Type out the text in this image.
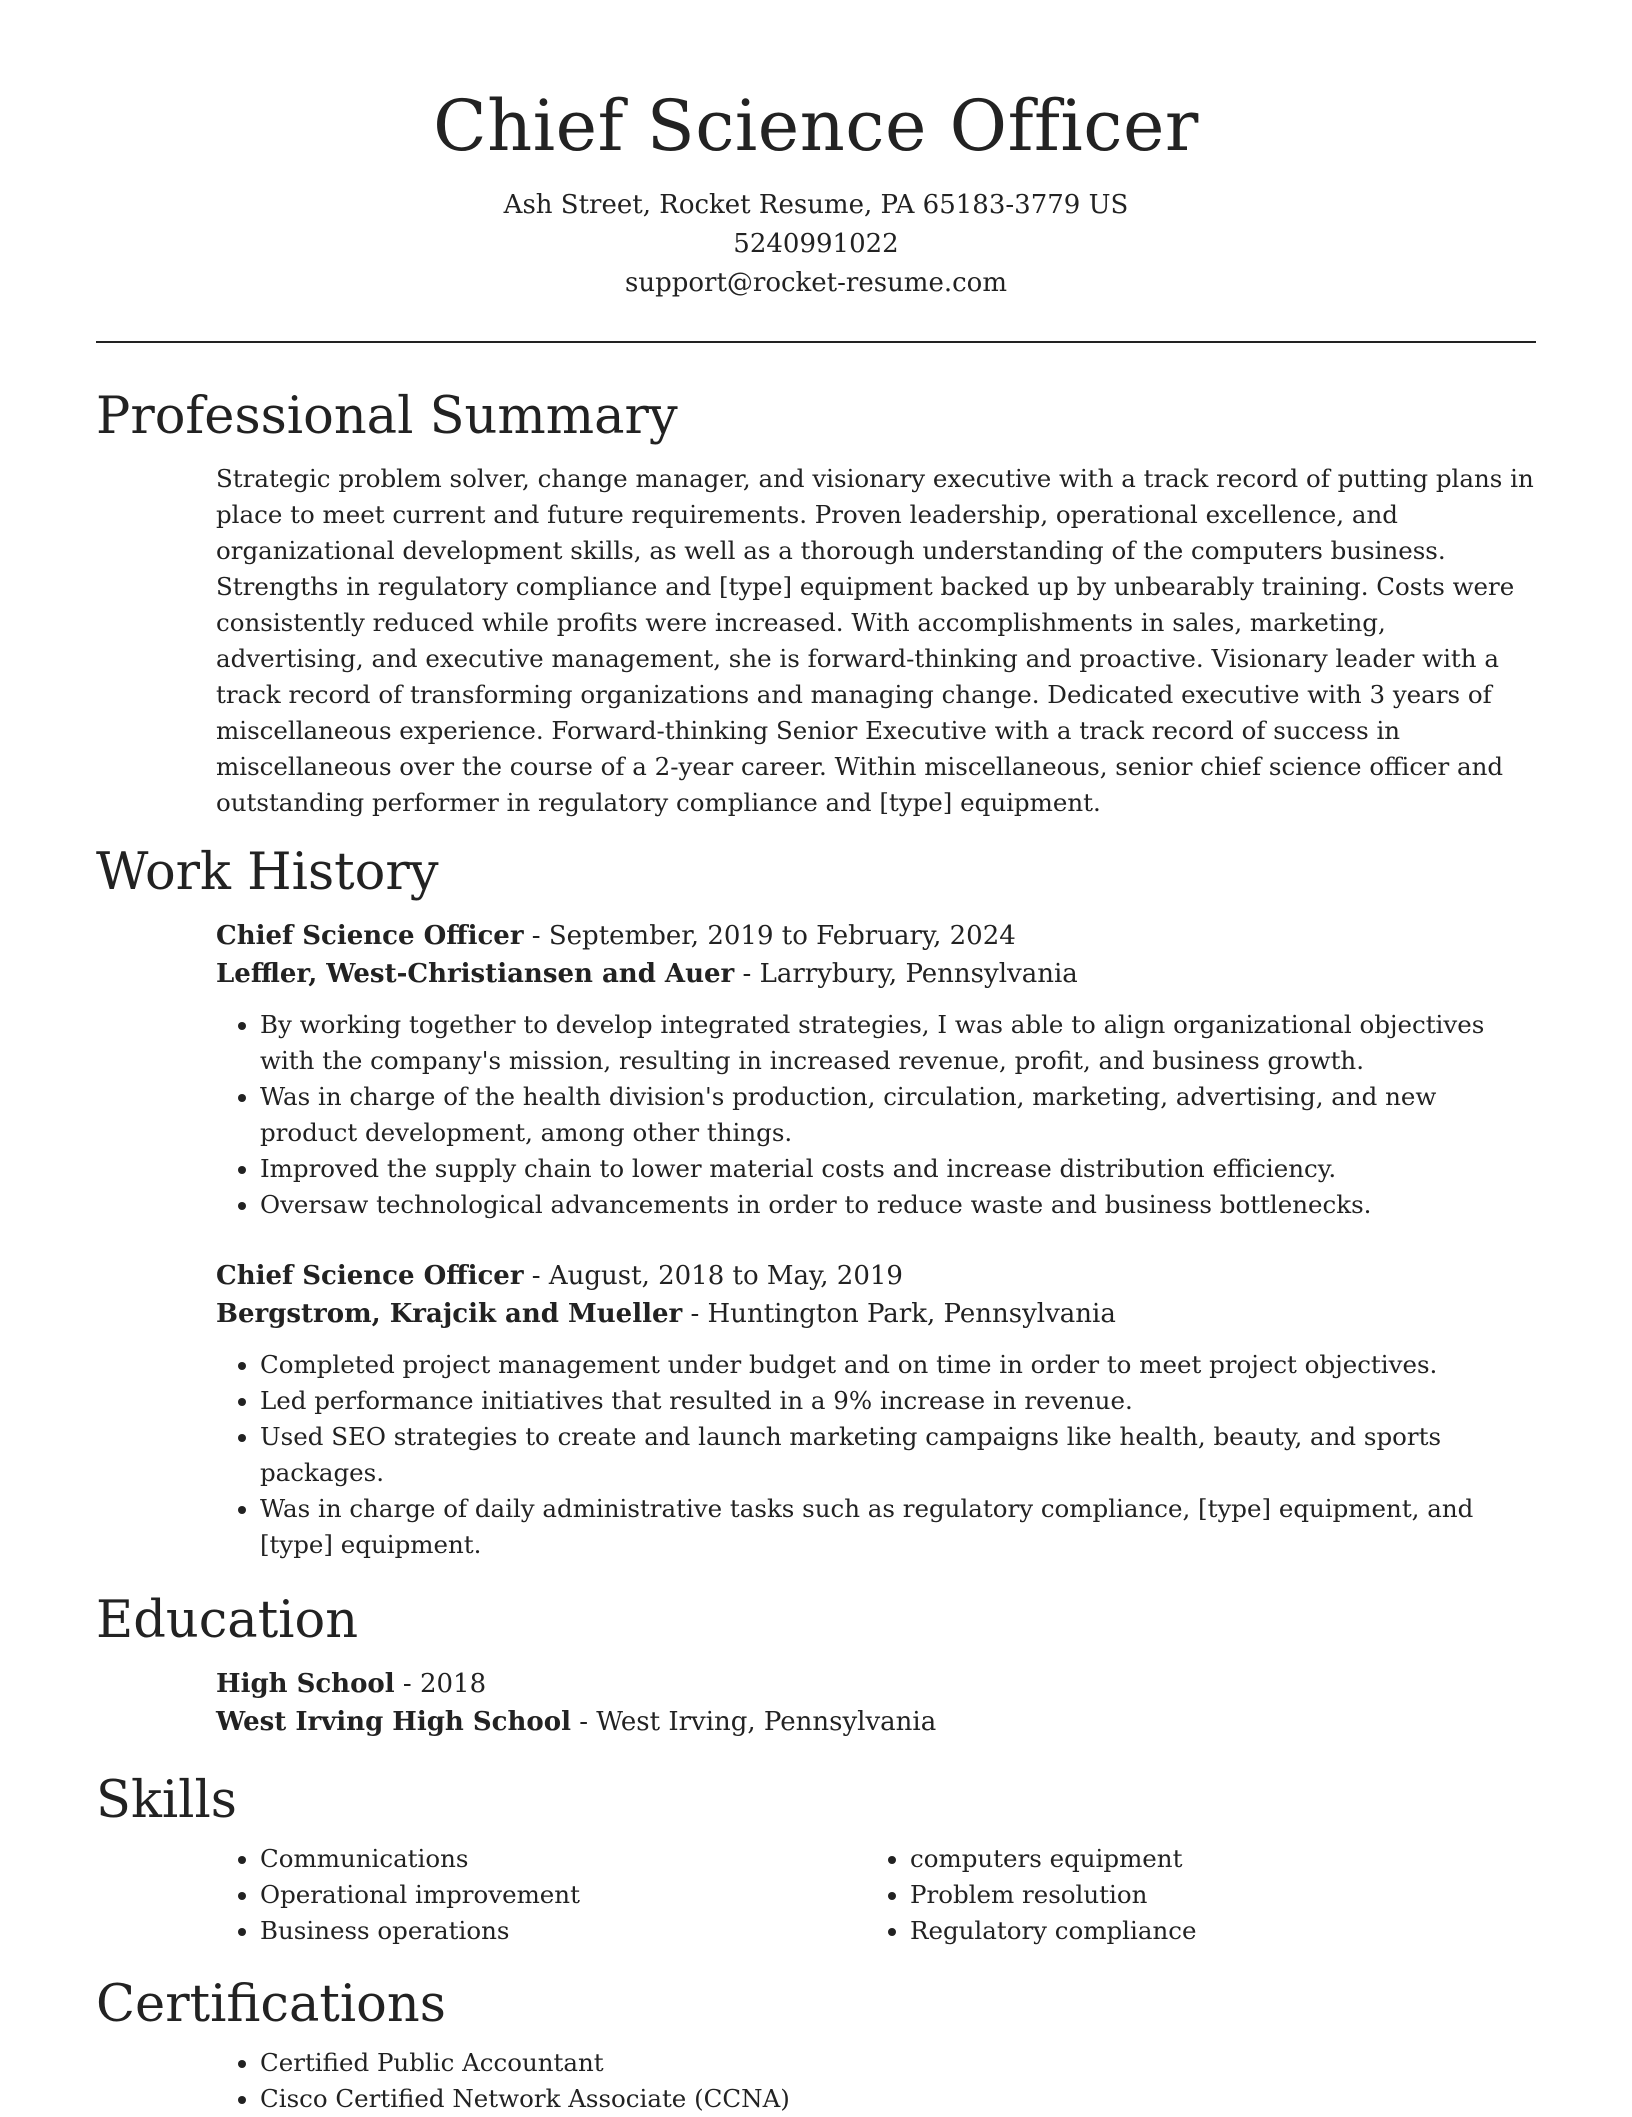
Chief Science Officer
Ash Street, Rocket Resume, PA 65183-3779 US
5240991022
support@rocket-resume.com
Professional Summary
Strategic problem solver, change manager, and visionary executive with a track record of putting plans in place to meet current and future requirements. Proven leadership, operational excellence, and organizational development skills, as well as a thorough understanding of the computers business. Strengths in regulatory compliance and [type] equipment backed up by unbearably training. Costs were consistently reduced while profits were increased. With accomplishments in sales, marketing, advertising, and executive management, she is forward-thinking and proactive. Visionary leader with a track record of transforming organizations and managing change. Dedicated executive with 3 years of miscellaneous experience. Forward-thinking Senior Executive with a track record of success in miscellaneous over the course of a 2-year career. Within miscellaneous, senior chief science officer and outstanding performer in regulatory compliance and [type] equipment.
Work History
Chief Science Officer - September, 2019 to February, 2024
Leffler, West-Christiansen and Auer - Larrybury, Pennsylvania
• By working together to develop integrated strategies, I was able to align organizational objectives with the company's mission, resulting in increased revenue, profit, and business growth.
• Was in charge of the health division's production, circulation, marketing, advertising, and new product development, among other things.
• Improved the supply chain to lower material costs and increase distribution efficiency.
• Oversaw technological advancements in order to reduce waste and business bottlenecks.
Chief Science Officer - August, 2018 to May, 2019
Bergstrom, Krajcik and Mueller - Huntington Park, Pennsylvania
• Completed project management under budget and on time in order to meet project objectives.
• Led performance initiatives that resulted in a 9% increase in revenue.
• Used SEO strategies to create and launch marketing campaigns like health, beauty, and sports packages.
• Was in charge of daily administrative tasks such as regulatory compliance, [type] equipment, and [type] equipment.
Education
High School - 2018
West Irving High School - West Irving, Pennsylvania
Skills
• Communications
• Operational improvement
• Business operations
• computers equipment
• Problem resolution
• Regulatory compliance
Certifications
• Certified Public Accountant
• Cisco Certified Network Associate (CCNA)
